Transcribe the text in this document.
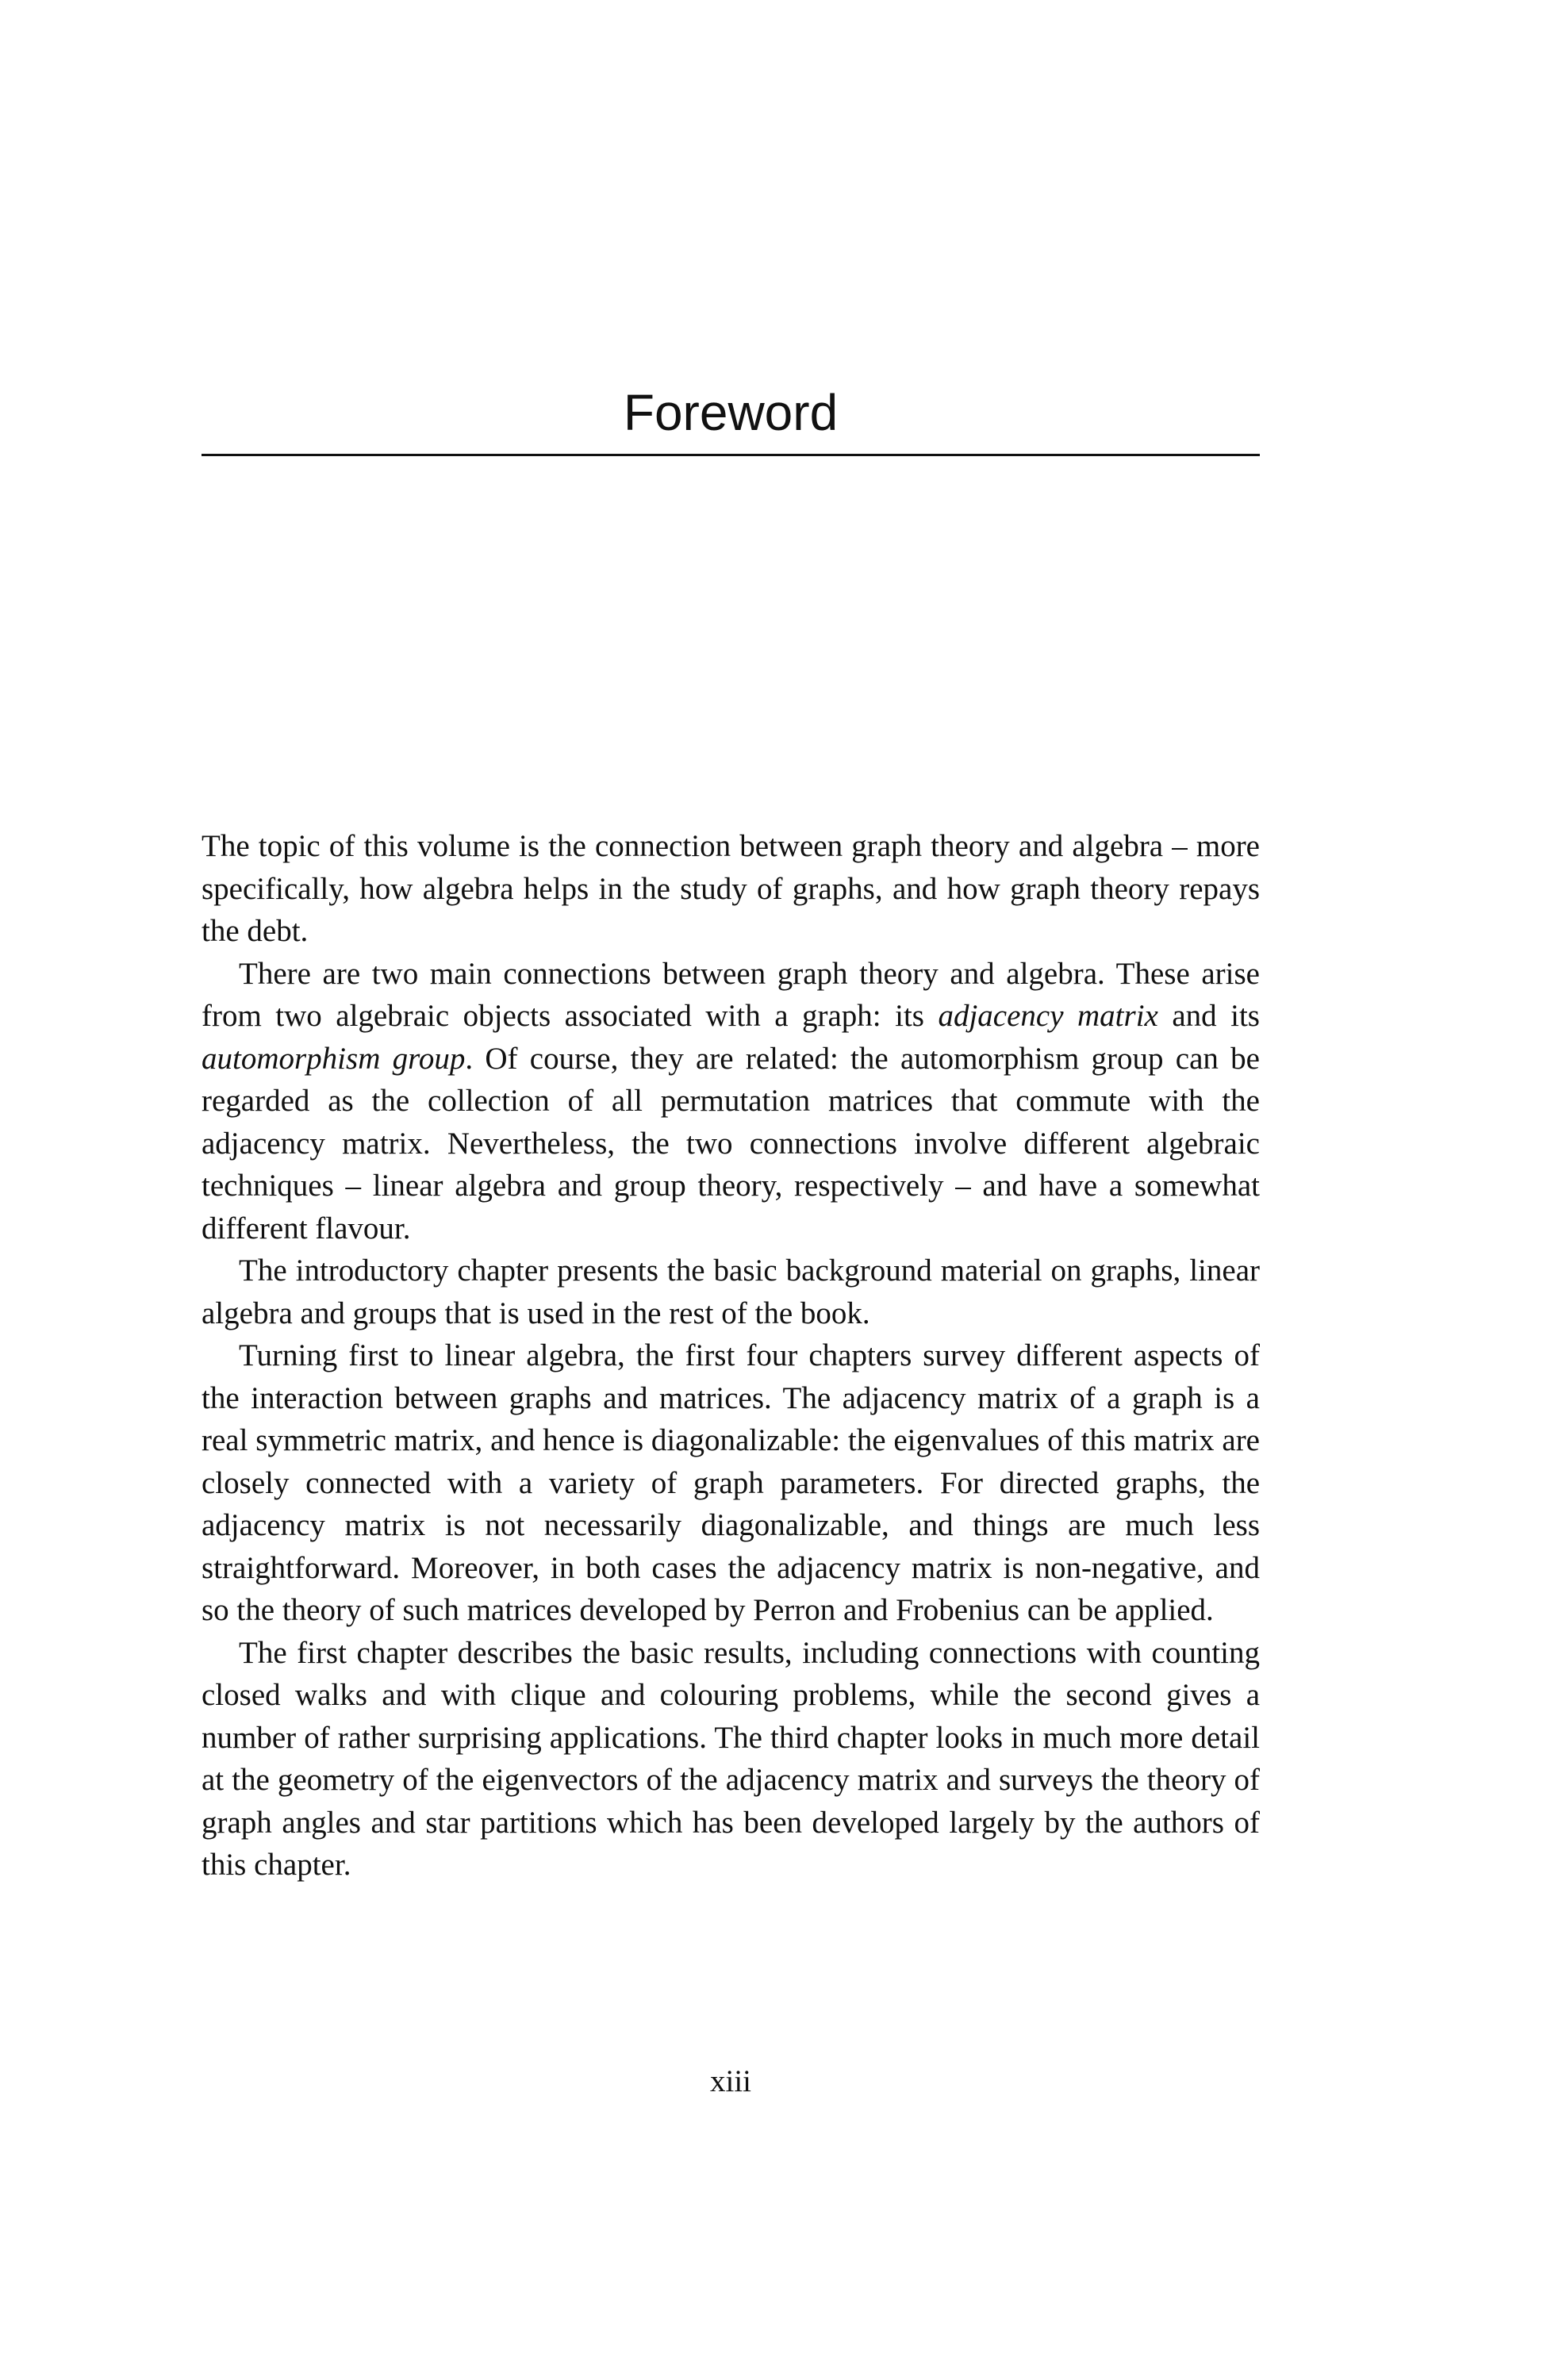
Foreword

The topic of this volume is the connection between graph theory and algebra – more specifically, how algebra helps in the study of graphs, and how graph theory repays the debt.

There are two main connections between graph theory and algebra. These arise from two algebraic objects associated with a graph: its adjacency matrix and its automorphism group. Of course, they are related: the automorphism group can be regarded as the collection of all permutation matrices that commute with the adjacency matrix. Nevertheless, the two connections involve different algebraic techniques – linear algebra and group theory, respectively – and have a somewhat different flavour.

The introductory chapter presents the basic background material on graphs, linear algebra and groups that is used in the rest of the book.

Turning first to linear algebra, the first four chapters survey different aspects of the interaction between graphs and matrices. The adjacency matrix of a graph is a real symmetric matrix, and hence is diagonalizable: the eigenvalues of this matrix are closely connected with a variety of graph parameters. For directed graphs, the adjacency matrix is not necessarily diagonalizable, and things are much less straightforward. Moreover, in both cases the adjacency matrix is non-negative, and so the theory of such matrices developed by Perron and Frobenius can be applied.

The first chapter describes the basic results, including connections with counting closed walks and with clique and colouring problems, while the second gives a number of rather surprising applications. The third chapter looks in much more detail at the geometry of the eigenvectors of the adjacency matrix and surveys the theory of graph angles and star partitions which has been developed largely by the authors of this chapter.

xiii
